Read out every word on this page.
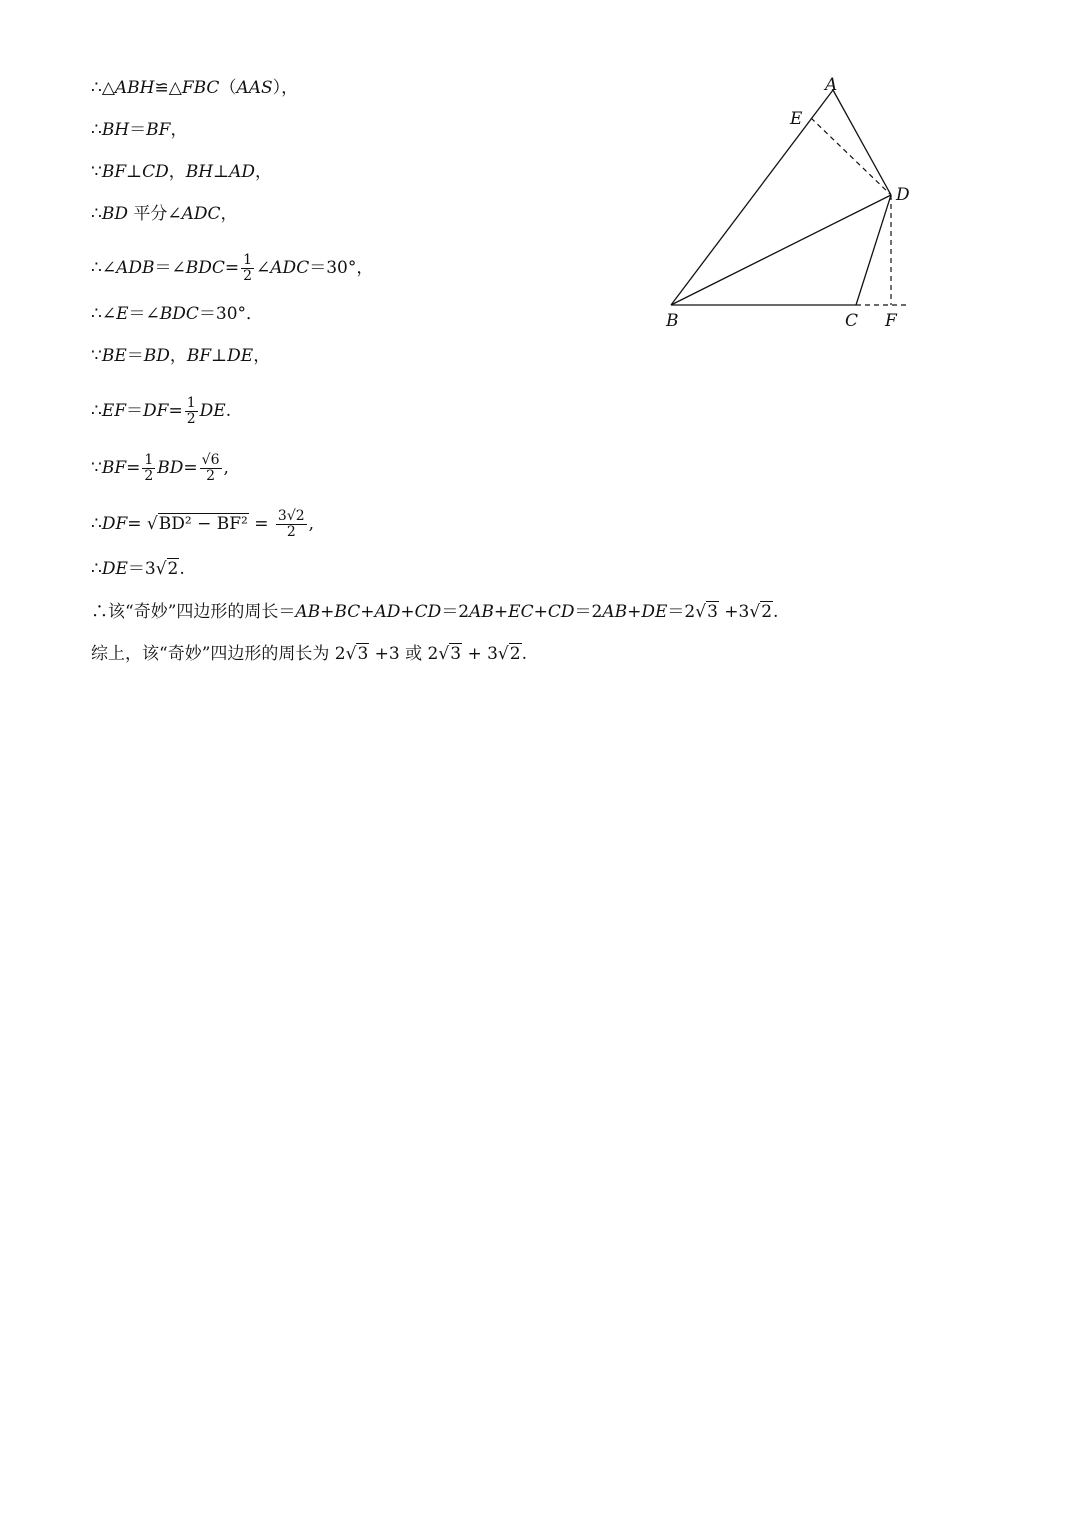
∴△ABH≌△FBC（AAS），
∴BH＝BF，
∵BF⊥CD，BH⊥AD，
∴BD 平分∠ADC，
∴∠ADB＝∠BDC= $\frac{1}{2}$ ∠ADC＝30°，
∴∠E＝∠BDC＝30°．
∵BE＝BD，BF⊥DE，
∴EF＝DF= $\frac{1}{2}$ DE.
∵BF= $\frac{1}{2} BD= \frac{√6}{2}$ ,
∴DF= $√BD^2 - BF^2 = \frac{3√2}{2}$ ,
∴DE＝3√2.
∴该“奇妙”四边形的周长＝AB+BC+AD+CD＝2AB+EC+CD＝2AB+DE＝2√3 +3√2.
综上，该“奇妙”四边形的周长为 2√3 +3 或 2√3 + 3√2.
A
E
D
B	C F
